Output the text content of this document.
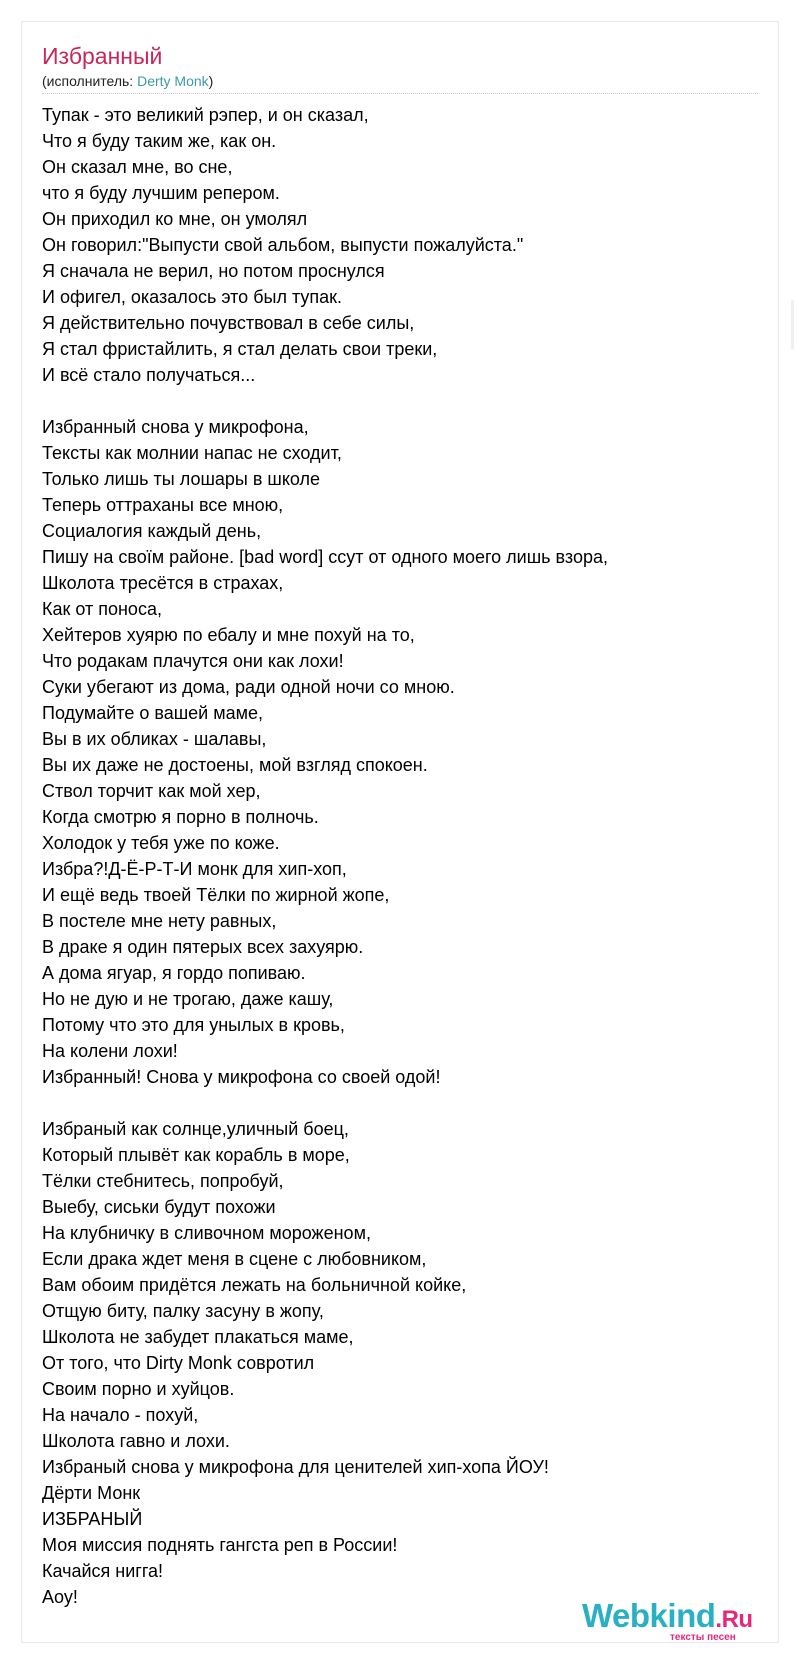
Избранный
(исполнитель: Derty Monk)
Тупак - это великий рэпер, и он сказал,
Что я буду таким же, как он.
Он сказал мне, во сне,
что я буду лучшим репером.
Он приходил ко мне, он умолял
Он говорил:"Выпусти свой альбом, выпусти пожалуйста."
Я сначала не верил, но потом проснулся
И офигел, оказалось это был тупак.
Я действительно почувствовал в себе силы,
Я стал фристайлить, я стал делать свои треки,
И всё стало получаться...
Избранный снова у микрофона,
Тексты как молнии напас не сходит,
Только лишь ты лошары в школе
Теперь оттраханы все мною,
Социалогия каждый день,
Пишу на своїм районе. [bad word] ссут от одного моего лишь взора,
Школота тресётся в страхах,
Как от поноса,
Хейтеров хуярю по ебалу и мне похуй на то,
Что родакам плачутся они как лохи!
Суки убегают из дома, ради одной ночи со мною.
Подумайте о вашей маме,
Вы в их обликах - шалавы,
Вы их даже не достоены, мой взгляд спокоен.
Ствол торчит как мой хер,
Когда смотрю я порно в полночь.
Холодок у тебя уже по коже.
Избра?!Д-Ё-Р-Т-И монк для хип-хоп,
И ещё ведь твоей Тёлки по жирной жопе,
В постеле мне нету равных,
В драке я один пятерых всех захуярю.
А дома ягуар, я гордо попиваю.
Но не дую и не трогаю, даже кашу,
Потому что это для унылых в кровь,
На колени лохи!
Избранный! Снова у микрофона со своей одой!
Избраный как солнце,уличный боец,
Который плывёт как корабль в море,
Тёлки стебнитесь, попробуй,
Выебу, сиськи будут похожи
На клубничку в сливочном мороженом,
Если драка ждет меня в сцене с любовником,
Вам обоим придётся лежать на больничной койке,
Отщую биту, палку засуну в жопу,
Школота не забудет плакаться маме,
От того, что Dirty Monk совротил
Своим порно и хуйцов.
На начало - похуй,
Школота гавно и лохи.
Избраный снова у микрофона для ценителей хип-хопа ЙОУ!
Дёрти Монк
ИЗБРАНЫЙ
Моя миссия поднять гангста реп в России!
Качайся нигга!
Аоу!	Webkind.Ru
тексты песен
